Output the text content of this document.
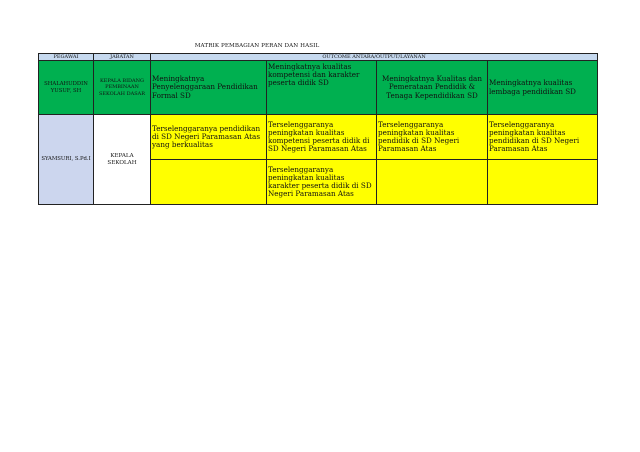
MATRIK PEMBAGIAN PERAN DAN HASIL
PEGAWAI	JABATAN	OUTCOME ANTARA/OUTPUT/LAYANAN			
SHALAHUDDIN YUSUF, SH	KEPALA BIDANG PEMBINAAN SEKOLAH DASAR	Meningkatnya Penyelenggaraan Pendidikan Formal SD	Meningkatnya kualitas kompetensi dan karakter peserta didik SD	Meningkatnya Kualitas dan Pemerataan Pendidik & Tenaga Kependidikan SD	Meningkatnya kualitas lembaga pendidikan SD
SYAMSURI, S.Pd.I	KEPALA SEKOLAH	Terselenggaranya pendidikan di SD Negeri Paramasan Atas yang berkualitas	Terselenggaranya peningkatan kualitas kompetensi peserta didik di SD Negeri Paramasan Atas	Terselenggaranya peningkatan kualitas pendidik di SD Negeri Paramasan Atas	Terselenggaranya peningkatan kualitas pendidikan di SD Negeri Paramasan Atas
			Terselenggaranya peningkatan kualitas karakter peserta didik di SD Negeri Paramasan Atas		
